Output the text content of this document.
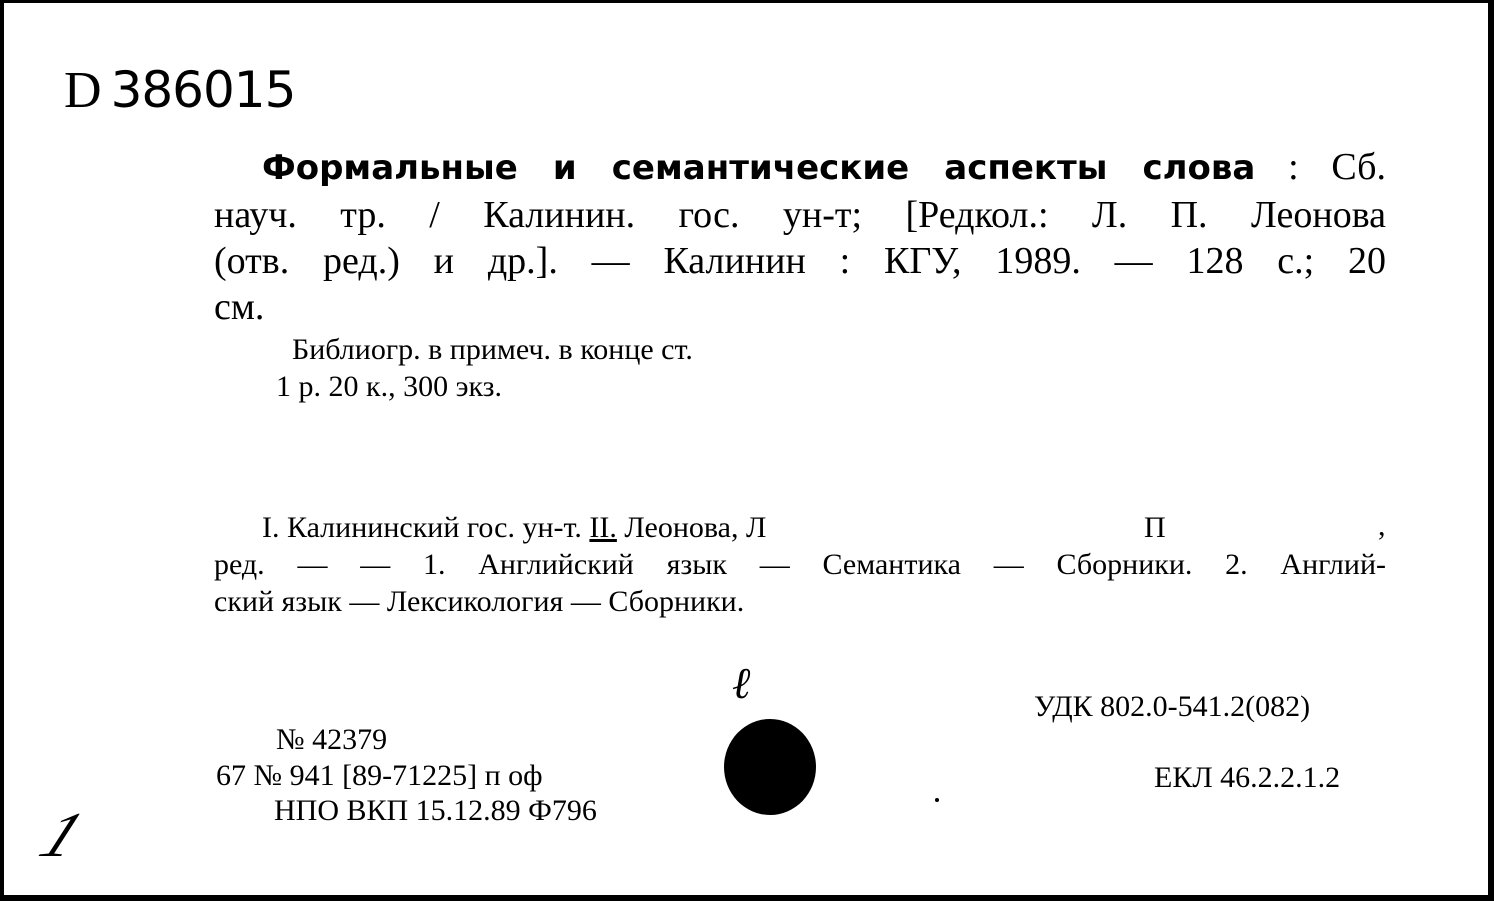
D 386015
Формальные и семантические аспекты слова : Сб.
науч. тр. / Калинин. гос. ун-т; [Редкол.: Л. П. Леонова
(отв. ред.) и др.]. — Калинин : КГУ, 1989. — 128 с.; 20
см.
Библиогр. в примеч. в конце ст.
1 р. 20 к., 300 экз.
I. Калининский гос. ун-т. II. Леонова, Л	П	,
ред. — — 1. Английский язык — Семантика — Сборники. 2. Англий-
ский язык — Лексикология — Сборники.
ℓ	УДК 802.0-541.2(082)
ЕКЛ 46.2.2.1.2
№ 42379
67 № 941 [89-71225] п оф
НПО ВКП 15.12.89 Ф796
1
